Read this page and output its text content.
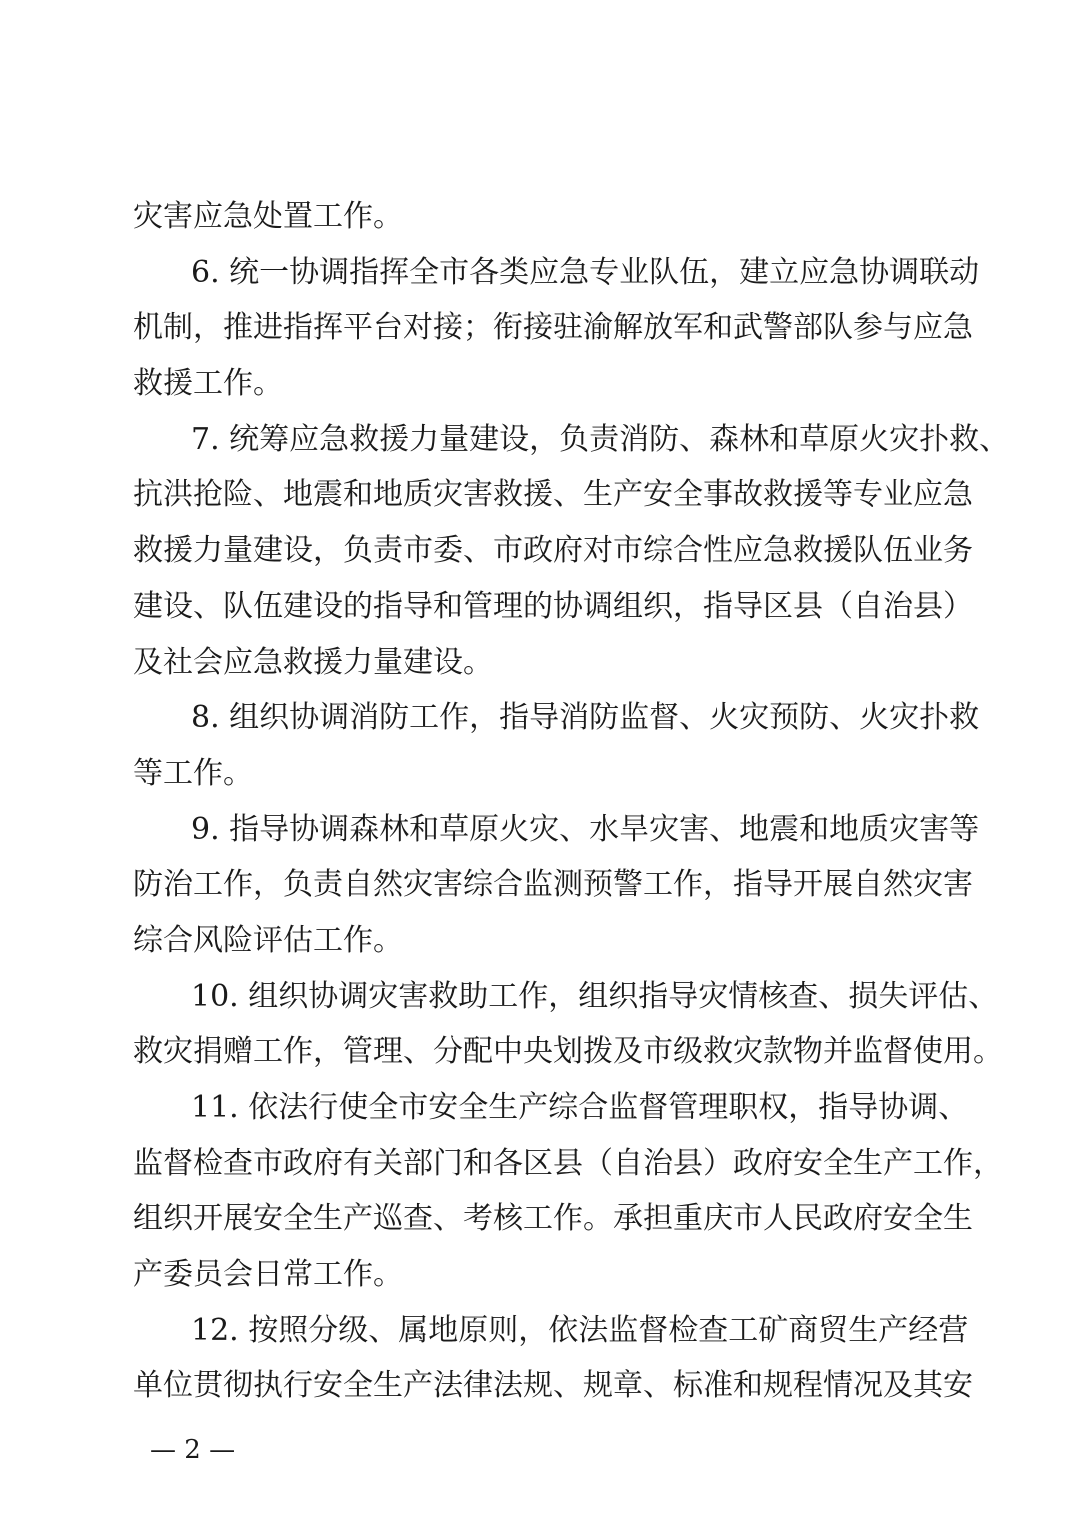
灾害应急处置工作。
6. 统一协调指挥全市各类应急专业队伍，建立应急协调联动
机制，推进指挥平台对接；衔接驻渝解放军和武警部队参与应急
救援工作。
7. 统筹应急救援力量建设，负责消防、森林和草原火灾扑救、
抗洪抢险、地震和地质灾害救援、生产安全事故救援等专业应急
救援力量建设，负责市委、市政府对市综合性应急救援队伍业务
建设、队伍建设的指导和管理的协调组织，指导区县（自治县）
及社会应急救援力量建设。
8. 组织协调消防工作，指导消防监督、火灾预防、火灾扑救
等工作。
9. 指导协调森林和草原火灾、水旱灾害、地震和地质灾害等
防治工作，负责自然灾害综合监测预警工作，指导开展自然灾害
综合风险评估工作。
10. 组织协调灾害救助工作，组织指导灾情核查、损失评估、
救灾捐赠工作，管理、分配中央划拨及市级救灾款物并监督使用。
11. 依法行使全市安全生产综合监督管理职权，指导协调、
监督检查市政府有关部门和各区县（自治县）政府安全生产工作，
组织开展安全生产巡查、考核工作。承担重庆市人民政府安全生
产委员会日常工作。
12. 按照分级、属地原则，依法监督检查工矿商贸生产经营
单位贯彻执行安全生产法律法规、规章、标准和规程情况及其安
— 2 —
